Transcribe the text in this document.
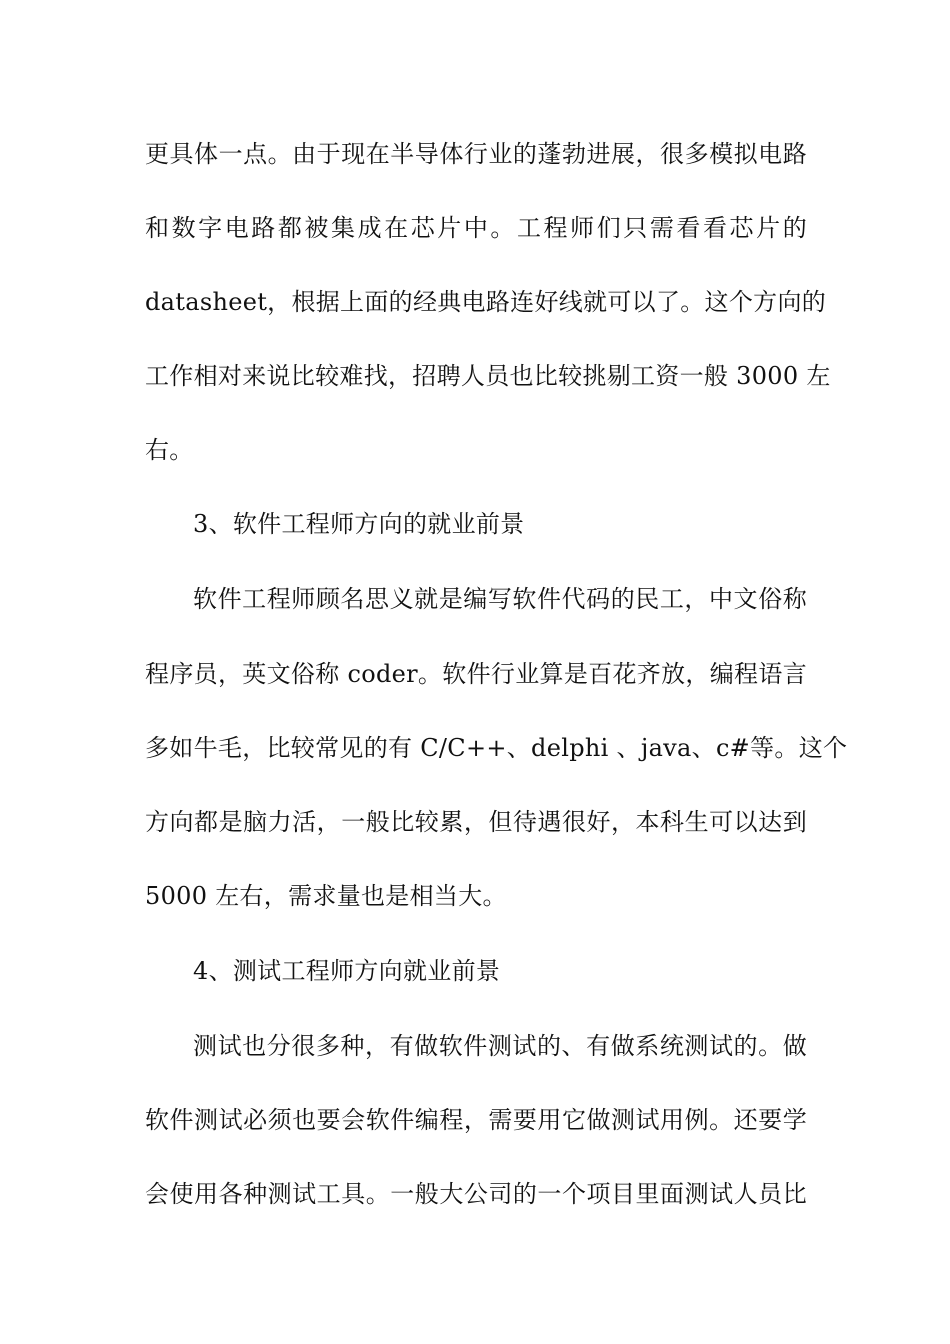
更具体一点。由于现在半导体行业的蓬勃进展，很多模拟电路
和数字电路都被集成在芯片中。工程师们只需看看芯片的
datasheet，根据上面的经典电路连好线就可以了。这个方向的
工作相对来说比较难找，招聘人员也比较挑剔工资一般 3000 左
右。
3、软件工程师方向的就业前景
软件工程师顾名思义就是编写软件代码的民工，中文俗称
程序员，英文俗称 coder。软件行业算是百花齐放，编程语言
多如牛毛，比较常见的有 C/C++、delphi 、java、c#等。这个
方向都是脑力活，一般比较累，但待遇很好，本科生可以达到
5000 左右，需求量也是相当大。
4、测试工程师方向就业前景
测试也分很多种，有做软件测试的、有做系统测试的。做
软件测试必须也要会软件编程，需要用它做测试用例。还要学
会使用各种测试工具。一般大公司的一个项目里面测试人员比
